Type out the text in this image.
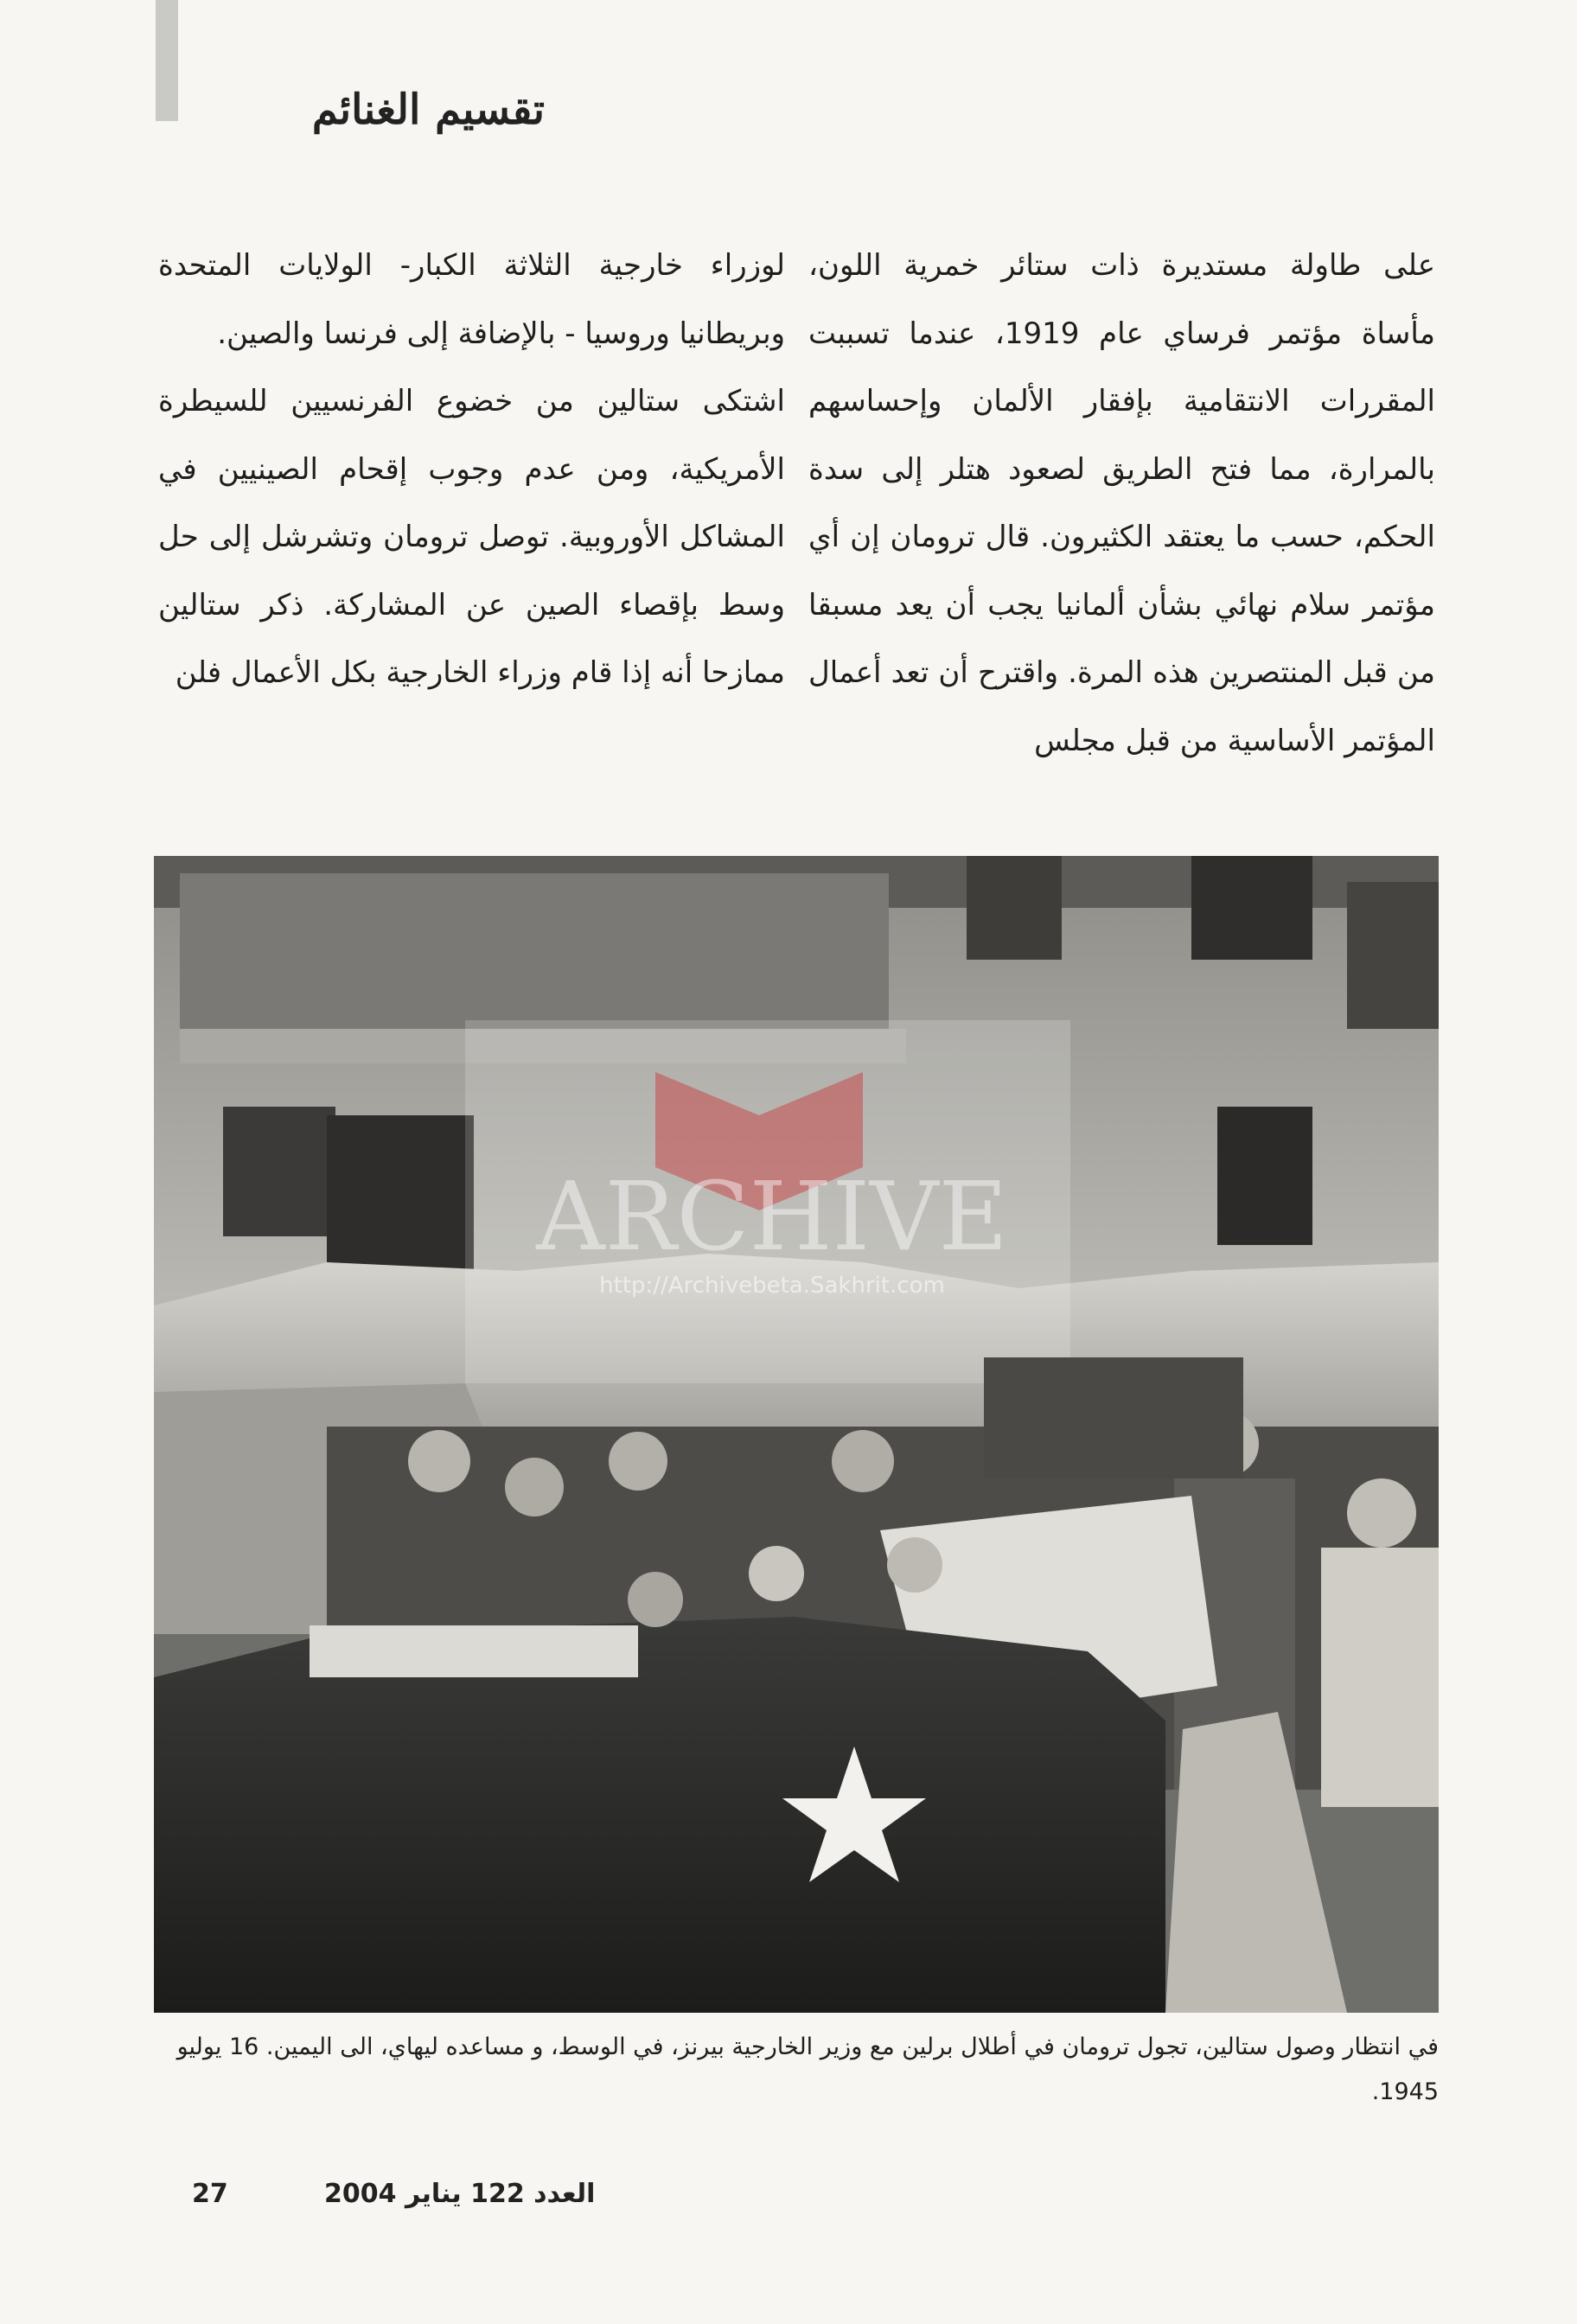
تقسيم الغنائم

على طاولة مستديرة ذات ستائر خمرية اللون، مأساة مؤتمر فرساي عام 1919، عندما تسببت المقررات الانتقامية بإفقار الألمان وإحساسهم بالمرارة، مما فتح الطريق لصعود هتلر إلى سدة الحكم، حسب ما يعتقد الكثيرون. قال ترومان إن أي مؤتمر سلام نهائي بشأن ألمانيا يجب أن يعد مسبقا من قبل المنتصرين هذه المرة. واقترح أن تعد أعمال المؤتمر الأساسية من قبل مجلس

لوزراء خارجية الثلاثة الكبار- الولايات المتحدة وبريطانيا وروسيا - بالإضافة إلى فرنسا والصين.

اشتكى ستالين من خضوع الفرنسيين للسيطرة الأمريكية، ومن عدم وجوب إقحام الصينيين في المشاكل الأوروبية. توصل ترومان وتشرشل إلى حل وسط بإقصاء الصين عن المشاركة. ذكر ستالين ممازحا أنه إذا قام وزراء الخارجية بكل الأعمال فلن

ARCHIVE
http://Archivebeta.Sakhrit.com
في انتظار وصول ستالين، تجول ترومان في أطلال برلين مع وزير الخارجية بيرنز، في الوسط، و مساعده ليهاي، الى اليمين. 16 يوليو 1945.
27	العدد 122 يناير 2004
